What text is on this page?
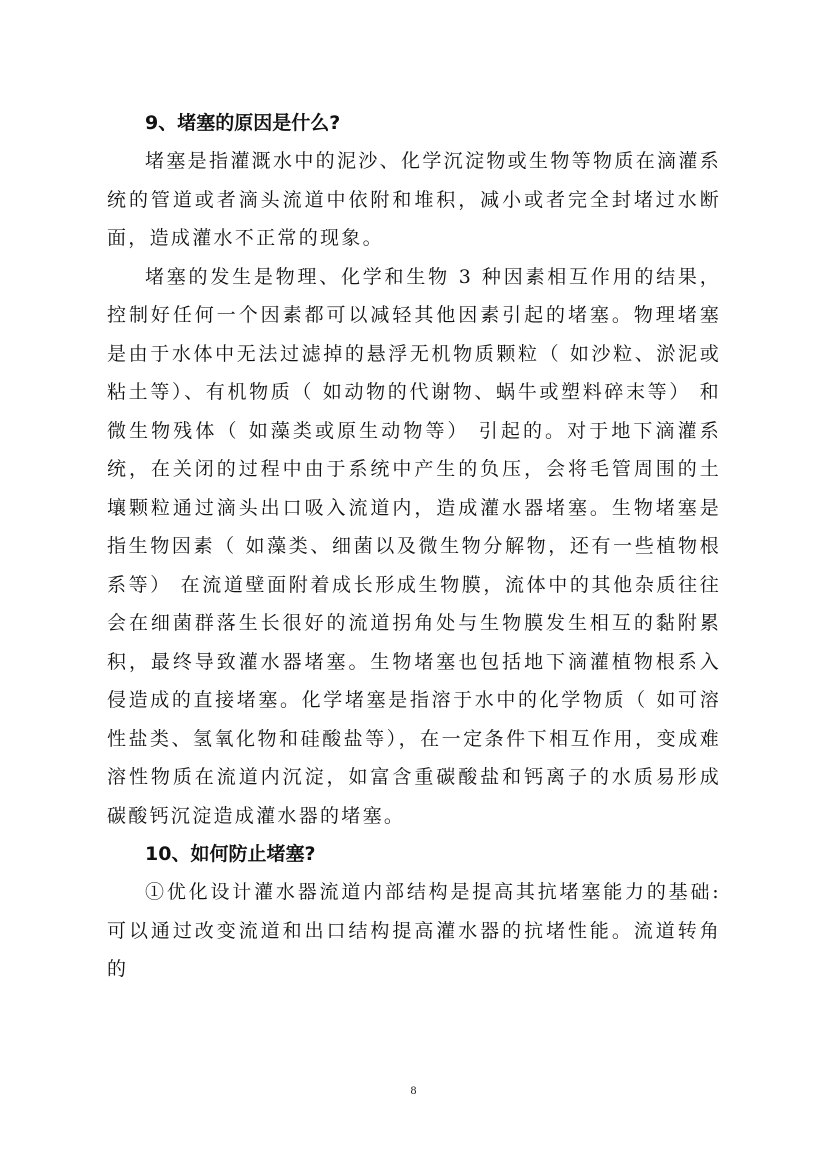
9、堵塞的原因是什么?

堵塞是指灌溉水中的泥沙、化学沉淀物或生物等物质在滴灌系统的管道或者滴头流道中依附和堆积，减小或者完全封堵过水断面，造成灌水不正常的现象。

堵塞的发生是物理、化学和生物 3 种因素相互作用的结果，控制好任何一个因素都可以减轻其他因素引起的堵塞。物理堵塞是由于水体中无法过滤掉的悬浮无机物质颗粒（ 如沙粒、淤泥或粘土等）、有机物质（ 如动物的代谢物、蜗牛或塑料碎末等） 和微生物残体（ 如藻类或原生动物等） 引起的。对于地下滴灌系统，在关闭的过程中由于系统中产生的负压，会将毛管周围的土壤颗粒通过滴头出口吸入流道内，造成灌水器堵塞。生物堵塞是指生物因素（ 如藻类、细菌以及微生物分解物，还有一些植物根系等） 在流道壁面附着成长形成生物膜，流体中的其他杂质往往会在细菌群落生长很好的流道拐角处与生物膜发生相互的黏附累积，最终导致灌水器堵塞。生物堵塞也包括地下滴灌植物根系入侵造成的直接堵塞。化学堵塞是指溶于水中的化学物质（ 如可溶性盐类、氢氧化物和硅酸盐等），在一定条件下相互作用，变成难溶性物质在流道内沉淀，如富含重碳酸盐和钙离子的水质易形成碳酸钙沉淀造成灌水器的堵塞。

10、如何防止堵塞?

①优化设计灌水器流道内部结构是提高其抗堵塞能力的基础:可以通过改变流道和出口结构提高灌水器的抗堵性能。流道转角的

8
